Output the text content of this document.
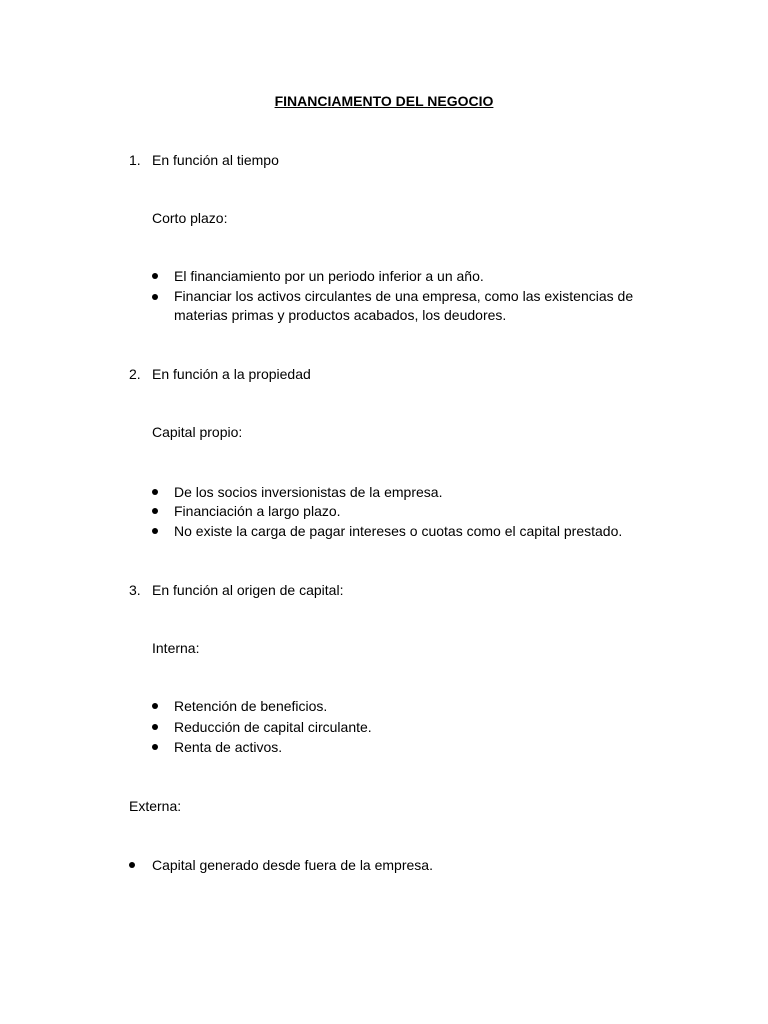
FINANCIAMENTO DEL NEGOCIO
1. En función al tiempo
Corto plazo:
El financiamiento por un periodo inferior a un año.
Financiar los activos circulantes de una empresa, como las existencias de materias primas y productos acabados, los deudores.
2. En función a la propiedad
Capital propio:
De los socios inversionistas de la empresa.
Financiación a largo plazo.
No existe la carga de pagar intereses o cuotas como el capital prestado.
3. En función al origen de capital:
Interna:
Retención de beneficios.
Reducción de capital circulante.
Renta de activos.
Externa:
Capital generado desde fuera de la empresa.
